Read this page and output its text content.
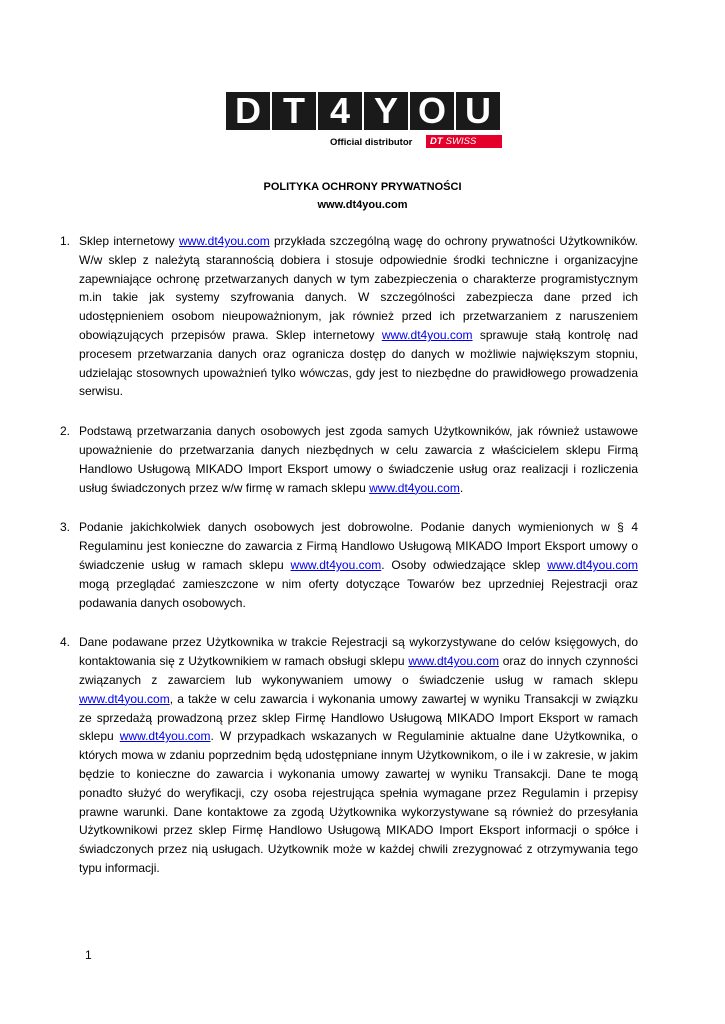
D T 4 Y O U
Official distributor	DT SWISS
POLITYKA OCHRONY PRYWATNOŚCI
www.dt4you.com
1. Sklep internetowy www.dt4you.com przykłada szczególną wagę do ochrony prywatności Użytkowników. W/w sklep z należytą starannością dobiera i stosuje odpowiednie środki techniczne i organizacyjne zapewniające ochronę przetwarzanych danych w tym zabezpieczenia o charakterze programistycznym m.in takie jak systemy szyfrowania danych. W szczególności zabezpiecza dane przed ich udostępnieniem osobom nieupoważnionym, jak również przed ich przetwarzaniem z naruszeniem obowiązujących przepisów prawa. Sklep internetowy www.dt4you.com sprawuje stałą kontrolę nad procesem przetwarzania danych oraz ogranicza dostęp do danych w możliwie największym stopniu, udzielając stosownych upoważnień tylko wówczas, gdy jest to niezbędne do prawidłowego prowadzenia serwisu.
2. Podstawą przetwarzania danych osobowych jest zgoda samych Użytkowników, jak również ustawowe upoważnienie do przetwarzania danych niezbędnych w celu zawarcia z właścicielem sklepu Firmą Handlowo Usługową MIKADO Import Eksport umowy o świadczenie usług oraz realizacji i rozliczenia usług świadczonych przez w/w firmę w ramach sklepu www.dt4you.com.
3. Podanie jakichkolwiek danych osobowych jest dobrowolne. Podanie danych wymienionych w § 4 Regulaminu jest konieczne do zawarcia z Firmą Handlowo Usługową MIKADO Import Eksport umowy o świadczenie usług w ramach sklepu www.dt4you.com. Osoby odwiedzające sklep www.dt4you.com mogą przeglądać zamieszczone w nim oferty dotyczące Towarów bez uprzedniej Rejestracji oraz podawania danych osobowych.
4. Dane podawane przez Użytkownika w trakcie Rejestracji są wykorzystywane do celów księgowych, do kontaktowania się z Użytkownikiem w ramach obsługi sklepu www.dt4you.com oraz do innych czynności związanych z zawarciem lub wykonywaniem umowy o świadczenie usług w ramach sklepu www.dt4you.com, a także w celu zawarcia i wykonania umowy zawartej w wyniku Transakcji w związku ze sprzedażą prowadzoną przez sklep Firmę Handlowo Usługową MIKADO Import Eksport w ramach sklepu www.dt4you.com. W przypadkach wskazanych w Regulaminie aktualne dane Użytkownika, o których mowa w zdaniu poprzednim będą udostępniane innym Użytkownikom, o ile i w zakresie, w jakim będzie to konieczne do zawarcia i wykonania umowy zawartej w wyniku Transakcji. Dane te mogą ponadto służyć do weryfikacji, czy osoba rejestrująca spełnia wymagane przez Regulamin i przepisy prawne warunki. Dane kontaktowe za zgodą Użytkownika wykorzystywane są również do przesyłania Użytkownikowi przez sklep Firmę Handlowo Usługową MIKADO Import Eksport informacji o spółce i świadczonych przez nią usługach. Użytkownik może w każdej chwili zrezygnować z otrzymywania tego typu informacji.
1
